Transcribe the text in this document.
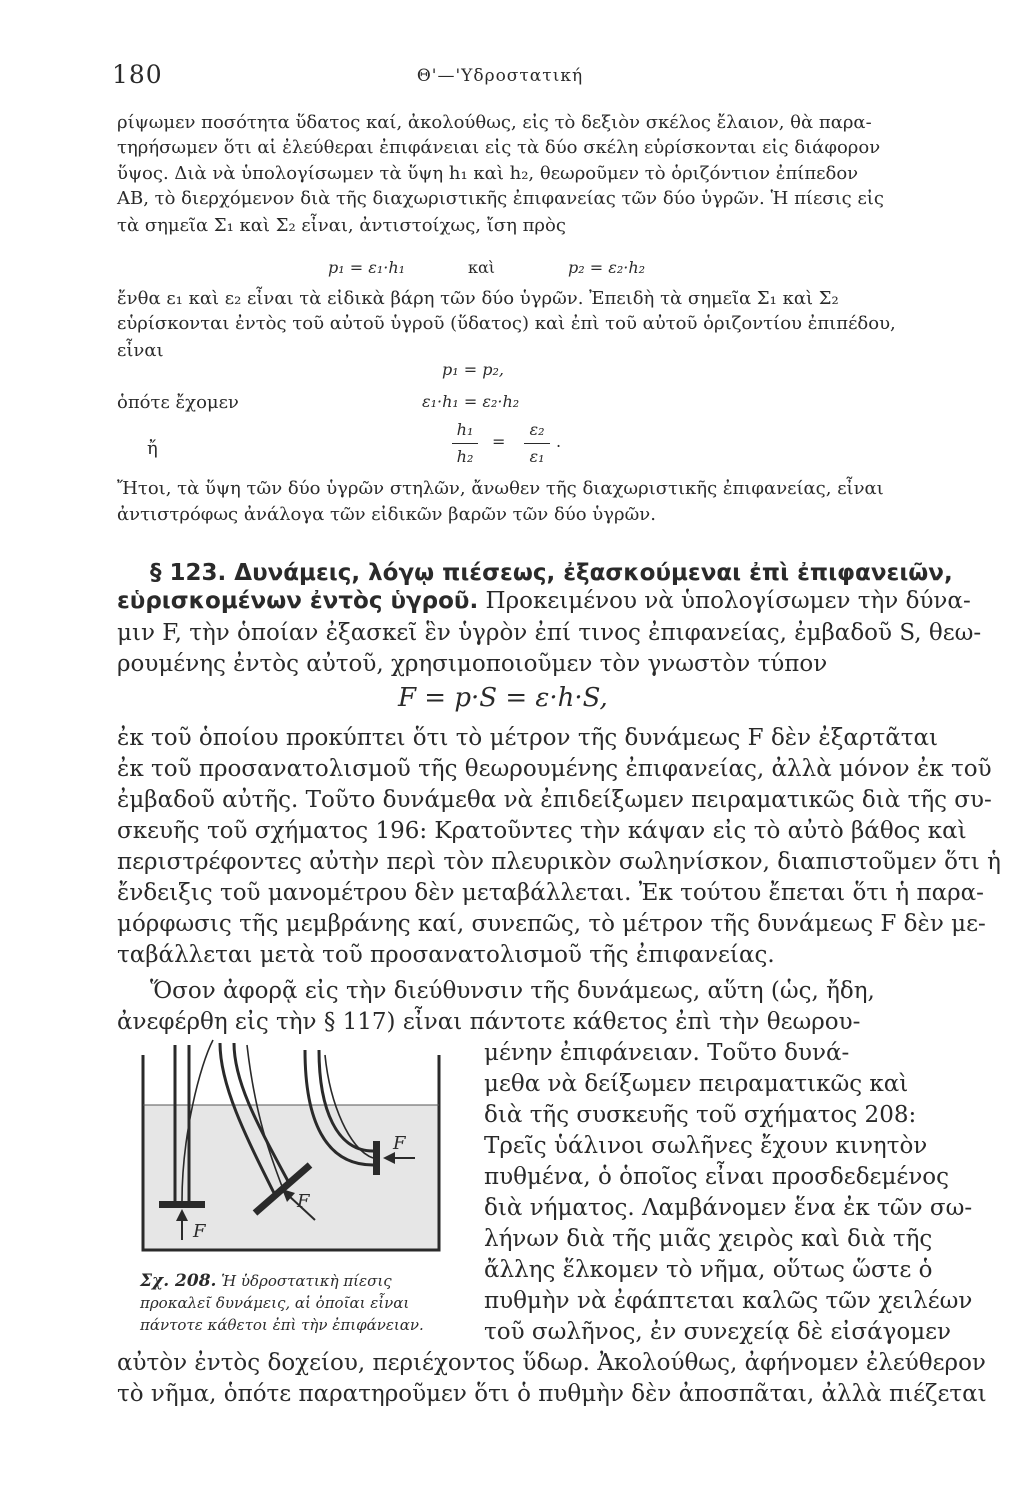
180	Θ'—'Υδροστατική
ρίψωμεν ποσότητα ὕδατος καί, ἀκολούθως, εἰς τὸ δεξιὸν σκέλος ἔλαιον, θὰ παρα-
τηρήσωμεν ὅτι αἱ ἐλεύθεραι ἐπιφάνειαι εἰς τὰ δύο σκέλη εὑρίσκονται εἰς διάφορον
ὕψος. Διὰ νὰ ὑπολογίσωμεν τὰ ὕψη h₁ καὶ h₂, θεωροῦμεν τὸ ὁριζόντιον ἐπίπεδον
AB, τὸ διερχόμενον διὰ τῆς διαχωριστικῆς ἐπιφανείας τῶν δύο ὑγρῶν. Ἡ πίεσις εἰς
τὰ σημεῖα Σ₁ καὶ Σ₂ εἶναι, ἀντιστοίχως, ἴση πρὸς
p₁ = ε₁·h₁	καὶ	p₂ = ε₂·h₂
ἔνθα ε₁ καὶ ε₂ εἶναι τὰ εἰδικὰ βάρη τῶν δύο ὑγρῶν. Ἐπειδὴ τὰ σημεῖα Σ₁ καὶ Σ₂
εὑρίσκονται ἐντὸς τοῦ αὐτοῦ ὑγροῦ (ὕδατος) καὶ ἐπὶ τοῦ αὐτοῦ ὁριζοντίου ἐπιπέδου,
εἶναι
p₁ = p₂,
ὁπότε ἔχομεν	ε₁·h₁ = ε₂·h₂
ἤ
h₁
h₂
=
ε₂
ε₁
.
Ἤτοι, τὰ ὕψη τῶν δύο ὑγρῶν στηλῶν, ἄνωθεν τῆς διαχωριστικῆς ἐπιφανείας, εἶναι
ἀντιστρόφως ἀνάλογα τῶν εἰδικῶν βαρῶν τῶν δύο ὑγρῶν.
§ 123. Δυνάμεις, λόγῳ πιέσεως, ἐξασκούμεναι ἐπὶ ἐπιφανειῶν,
εὑρισκομένων ἐντὸς ὑγροῦ. Προκειμένου νὰ ὑπολογίσωμεν τὴν δύνα-
μιν F, τὴν ὁποίαν ἐξασκεῖ ἓν ὑγρὸν ἐπί τινος ἐπιφανείας, ἐμβαδοῦ S, θεω-
ρουμένης ἐντὸς αὐτοῦ, χρησιμοποιοῦμεν τὸν γνωστὸν τύπον
F = p·S = ε·h·S,
ἐκ τοῦ ὁποίου προκύπτει ὅτι τὸ μέτρον τῆς δυνάμεως F δὲν ἐξαρτᾶται
ἐκ τοῦ προσανατολισμοῦ τῆς θεωρουμένης ἐπιφανείας, ἀλλὰ μόνον ἐκ τοῦ
ἐμβαδοῦ αὐτῆς. Τοῦτο δυνάμεθα νὰ ἐπιδείξωμεν πειραματικῶς διὰ τῆς συ-
σκευῆς τοῦ σχήματος 196: Κρατοῦντες τὴν κάψαν εἰς τὸ αὐτὸ βάθος καὶ
περιστρέφοντες αὐτὴν περὶ τὸν πλευρικὸν σωληνίσκον, διαπιστοῦμεν ὅτι ἡ
ἔνδειξις τοῦ μανομέτρου δὲν μεταβάλλεται. Ἐκ τούτου ἔπεται ὅτι ἡ παρα-
μόρφωσις τῆς μεμβράνης καί, συνεπῶς, τὸ μέτρον τῆς δυνάμεως F δὲν με-
ταβάλλεται μετὰ τοῦ προσανατολισμοῦ τῆς ἐπιφανείας.
Ὅσον ἀφορᾷ εἰς τὴν διεύθυνσιν τῆς δυνάμεως, αὕτη (ὡς, ἤδη,
ἀνεφέρθη εἰς τὴν § 117) εἶναι πάντοτε κάθετος ἐπὶ τὴν θεωρου-
μένην ἐπιφάνειαν. Τοῦτο δυνά-
μεθα νὰ δείξωμεν πειραματικῶς καὶ
διὰ τῆς συσκευῆς τοῦ σχήματος 208:
Τρεῖς ὑάλινοι σωλῆνες ἔχουν κινητὸν
πυθμένα, ὁ ὁποῖος εἶναι προσδεδεμένος
διὰ νήματος. Λαμβάνομεν ἕνα ἐκ τῶν σω-
λήνων διὰ τῆς μιᾶς χειρὸς καὶ διὰ τῆς
ἄλλης ἕλκομεν τὸ νῆμα, οὕτως ὥστε ὁ
πυθμὴν νὰ ἐφάπτεται καλῶς τῶν χειλέων
τοῦ σωλῆνος, ἐν συνεχείᾳ δὲ εἰσάγομεν
F
F
F
Σχ. 208. Ἡ ὑδροστατικὴ πίεσις
προκαλεῖ δυνάμεις, αἱ ὁποῖαι εἶναι
πάντοτε κάθετοι ἐπὶ τὴν ἐπιφάνειαν.
αὐτὸν ἐντὸς δοχείου, περιέχοντος ὕδωρ. Ἀκολούθως, ἀφήνομεν ἐλεύθερον
τὸ νῆμα, ὁπότε παρατηροῦμεν ὅτι ὁ πυθμὴν δὲν ἀποσπᾶται, ἀλλὰ πιέζεται
